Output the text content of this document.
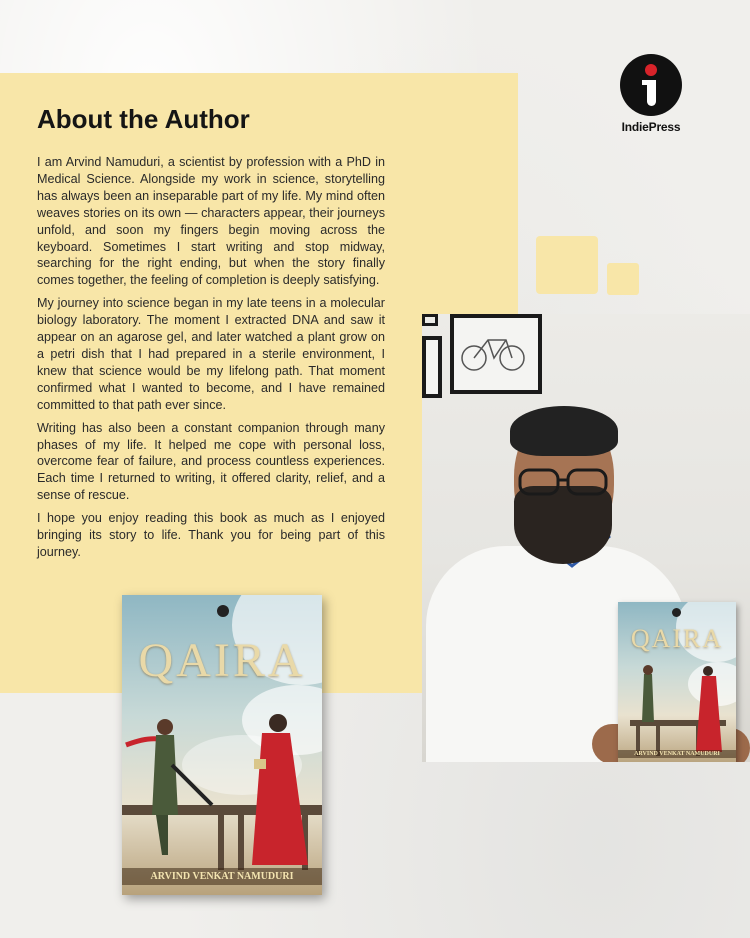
IndiePress
About the Author

I am Arvind Namuduri, a scientist by profession with a PhD in Medical Science. Alongside my work in science, storytelling has always been an inseparable part of my life. My mind often weaves stories on its own — characters appear, their journeys unfold, and soon my fingers begin moving across the keyboard. Sometimes I start writing and stop midway, searching for the right ending, but when the story finally comes together, the feeling of completion is deeply satisfying.

My journey into science began in my late teens in a molecular biology laboratory. The moment I extracted DNA and saw it appear on an agarose gel, and later watched a plant grow on a petri dish that I had prepared in a sterile environment, I knew that science would be my lifelong path. That moment confirmed what I wanted to become, and I have remained committed to that path ever since.

Writing has also been a constant companion through many phases of my life. It helped me cope with personal loss, overcome fear of failure, and process countless experiences. Each time I returned to writing, it offered clarity, relief, and a sense of rescue.

I hope you enjoy reading this book as much as I enjoyed bringing its story to life. Thank you for being part of this journey.

QAIRA
ARVIND VENKAT NAMUDURI
QAIRA
ARVIND VENKAT NAMUDURI
